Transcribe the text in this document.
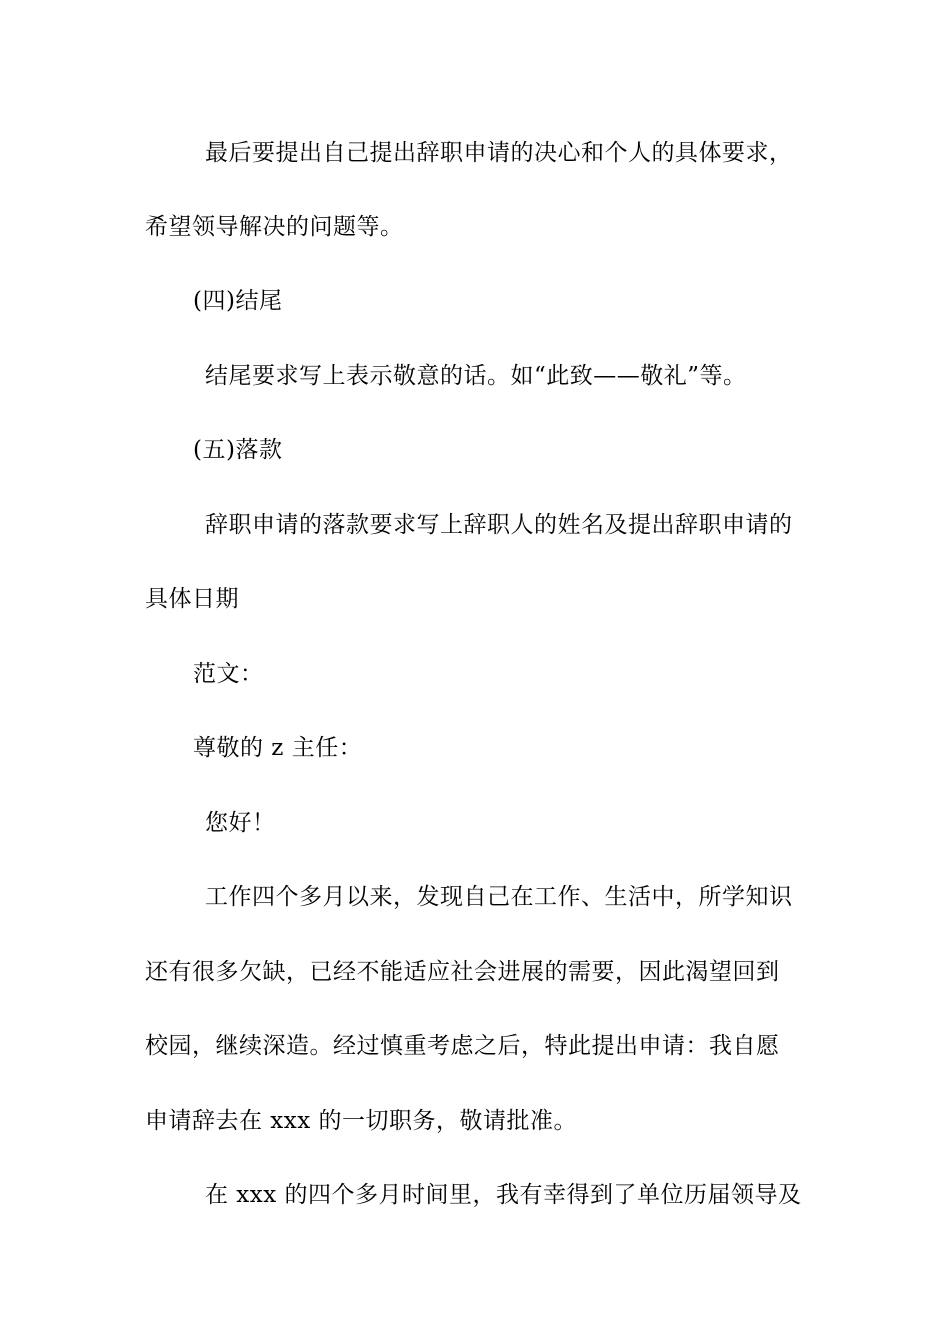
最后要提出自己提出辞职申请的决心和个人的具体要求，
希望领导解决的问题等。
(四)结尾
结尾要求写上表示敬意的话。如“此致——敬礼”等。
(五)落款
辞职申请的落款要求写上辞职人的姓名及提出辞职申请的
具体日期
范文：
尊敬的 z 主任：
您好！
工作四个多月以来，发现自己在工作、生活中，所学知识
还有很多欠缺，已经不能适应社会进展的需要，因此渴望回到
校园，继续深造。经过慎重考虑之后，特此提出申请：我自愿
申请辞去在 xxx 的一切职务，敬请批准。
在 xxx 的四个多月时间里，我有幸得到了单位历届领导及
